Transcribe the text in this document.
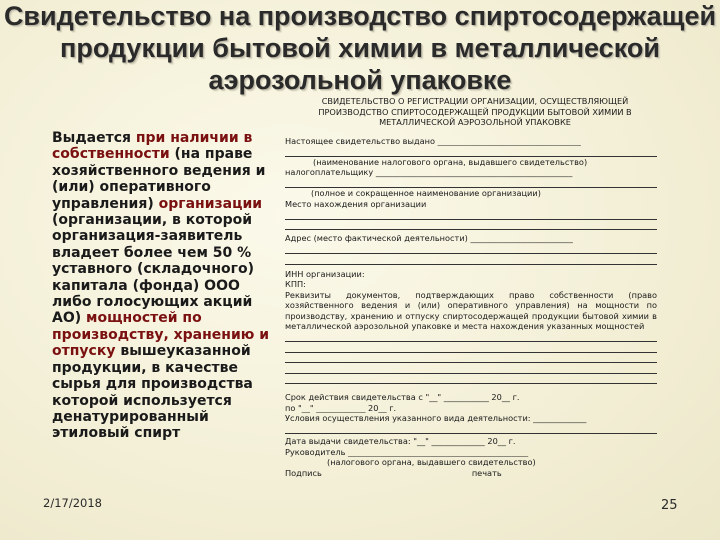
Свидетельство на производство спиртосодержащей продукции бытовой химии в металлической аэрозольной упаковке
Выдается при наличии в собственности (на праве хозяйственного ведения и (или) оперативного управления) организации (организации, в которой организация-заявитель владеет более чем 50 % уставного (складочного) капитала (фонда) ООО либо голосующих акций АО) мощностей по производству, хранению и отпуску вышеуказанной продукции, в качестве сырья для производства которой используется денатурированный этиловый спирт
СВИДЕТЕЛЬСТВО О РЕГИСТРАЦИИ ОРГАНИЗАЦИИ, ОСУЩЕСТВЛЯЮЩЕЙ ПРОИЗВОДСТВО СПИРТОСОДЕРЖАЩЕЙ ПРОДУКЦИИ БЫТОВОЙ ХИМИИ В МЕТАЛЛИЧЕСКОЙ АЭРОЗОЛЬНОЙ УПАКОВКЕ
Настоящее свидетельство выдано ___________________________________
(наименование налогового органа, выдавшего свидетельство)
налогоплательщику ________________________________________________
(полное и сокращенное наименование организации)
Место нахождения организации
Адрес (место фактической деятельности) _________________________
ИНН организации:
КПП:
Реквизиты документов, подтверждающих право собственности (право хозяйственного ведения и (или) оперативного управления) на мощности по производству, хранению и отпуску спиртосодержащей продукции бытовой химии в металлической аэрозольной упаковке и места нахождения указанных мощностей
Срок действия свидетельства с "__" ___________ 20__ г.
по "__" ____________ 20__ г.
Условия осуществления указанного вида деятельности: _____________
Дата выдачи свидетельства: "__" _____________ 20__ г.
Руководитель ____________________________________________
(налогового органа, выдавшего свидетельство)
Подпись	печать
2/17/2018	25
